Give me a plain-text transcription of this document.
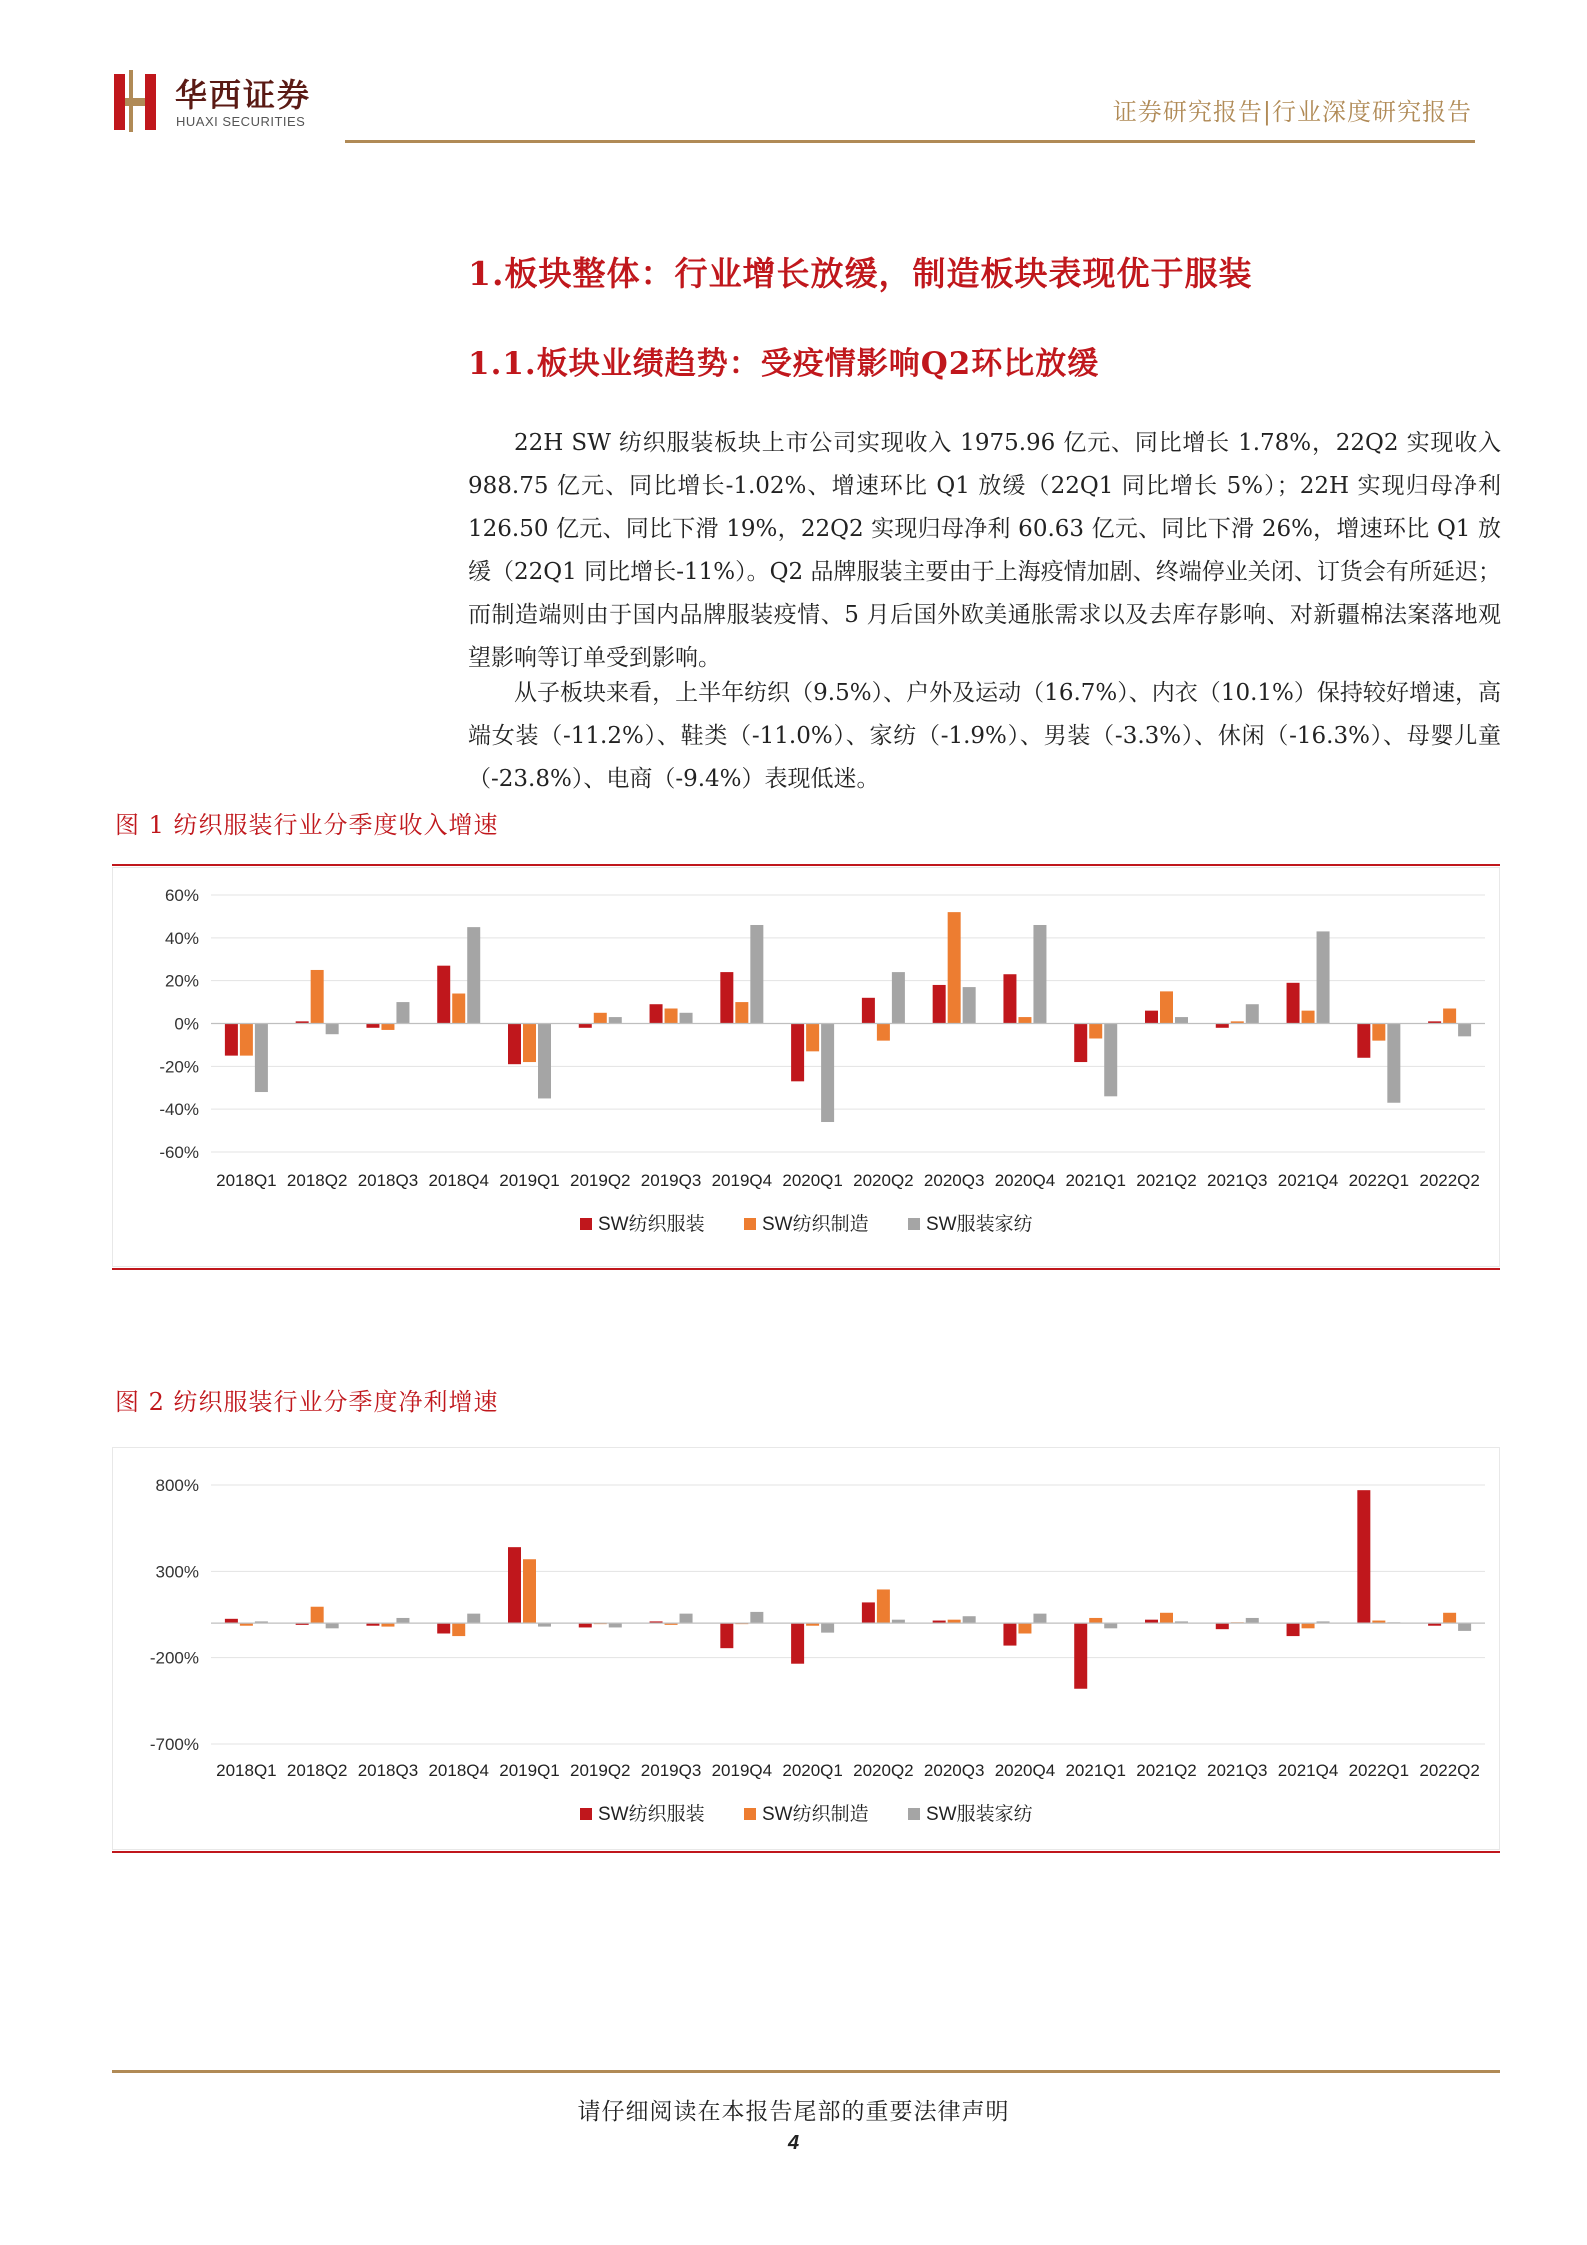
华西证券
HUAXI SECURITIES	证券研究报告|行业深度研究报告
1.板块整体：行业增长放缓，制造板块表现优于服装
1.1.板块业绩趋势：受疫情影响Q2环比放缓
22H SW 纺织服装板块上市公司实现收入 1975.96 亿元、同比增长 1.78%，22Q2 实现收入 988.75 亿元、同比增长-1.02%、增速环比 Q1 放缓（22Q1 同比增长 5%）；22H 实现归母净利 126.50 亿元、同比下滑 19%，22Q2 实现归母净利 60.63 亿元、同比下滑 26%，增速环比 Q1 放缓（22Q1 同比增长-11%）。Q2 品牌服装主要由于上海疫情加剧、终端停业关闭、订货会有所延迟；而制造端则由于国内品牌服装疫情、5 月后国外欧美通胀需求以及去库存影响、对新疆棉法案落地观望影响等订单受到影响。
从子板块来看，上半年纺织（9.5%）、户外及运动（16.7%）、内衣（10.1%）保持较好增速，高端女装（-11.2%）、鞋类（-11.0%）、家纺（-1.9%）、男装（-3.3%）、休闲（-16.3%）、母婴儿童（-23.8%）、电商（-9.4%）表现低迷。
图 1 纺织服装行业分季度收入增速
60%
40%
20%
0%
-20%
-40%
-60%
2018Q1 2018Q2 2018Q3 2018Q4 2019Q1 2019Q2 2019Q3 2019Q4 2020Q1 2020Q2 2020Q3 2020Q4 2021Q1 2021Q2 2021Q3 2021Q4 2022Q1 2022Q2
SW纺织服装	SW纺织制造	SW服装家纺
图 2 纺织服装行业分季度净利增速
800%
300%
-200%
-700%
2018Q1 2018Q2 2018Q3 2018Q4 2019Q1 2019Q2 2019Q3 2019Q4 2020Q1 2020Q2 2020Q3 2020Q4 2021Q1 2021Q2 2021Q3 2021Q4 2022Q1 2022Q2
SW纺织服装	SW纺织制造	SW服装家纺
请仔细阅读在本报告尾部的重要法律声明
4
